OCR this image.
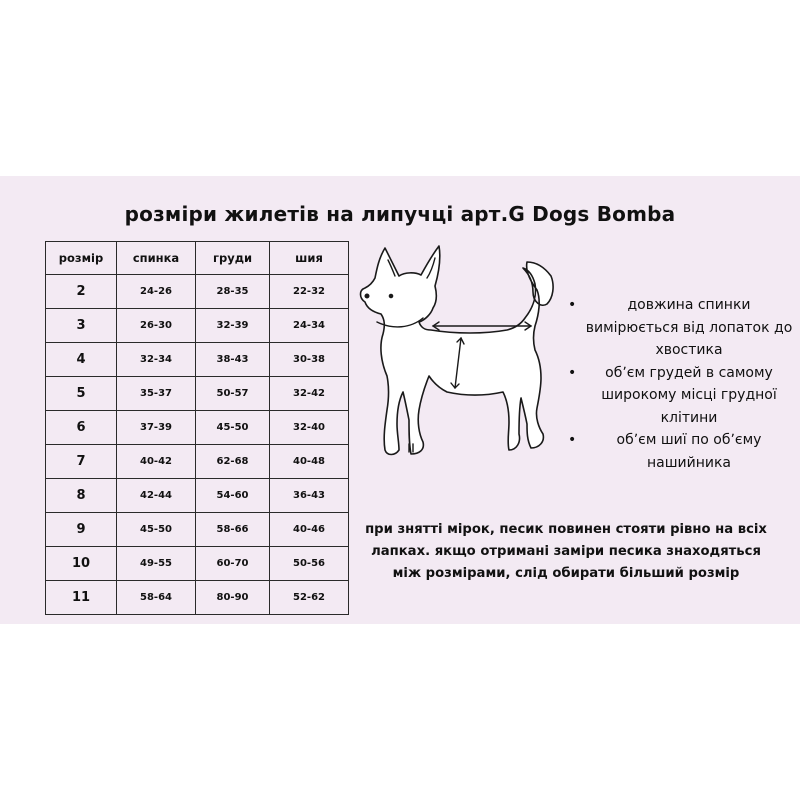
розміри жилетів на липучці арт.G Dogs Bomba
розмір	спинка	груди	шия
2	24-26	28-35	22-32
3	26-30	32-39	24-34
4	32-34	38-43	30-38
5	35-37	50-57	32-42
6	37-39	45-50	32-40
7	40-42	62-68	40-48
8	42-44	54-60	36-43
9	45-50	58-66	40-46
10	49-55	60-70	50-56
11	58-64	80-90	52-62
•	довжина спинки вимірюється від лопаток до хвостика
• обʼєм грудей в самому широкому місці грудної клітини
•	обʼєм шиї по обʼєму нашийника
при знятті мірок, песик повинен стояти рівно на всіх лапках. якщо отримані заміри песика знаходяться між розмірами, слід обирати більший розмір
